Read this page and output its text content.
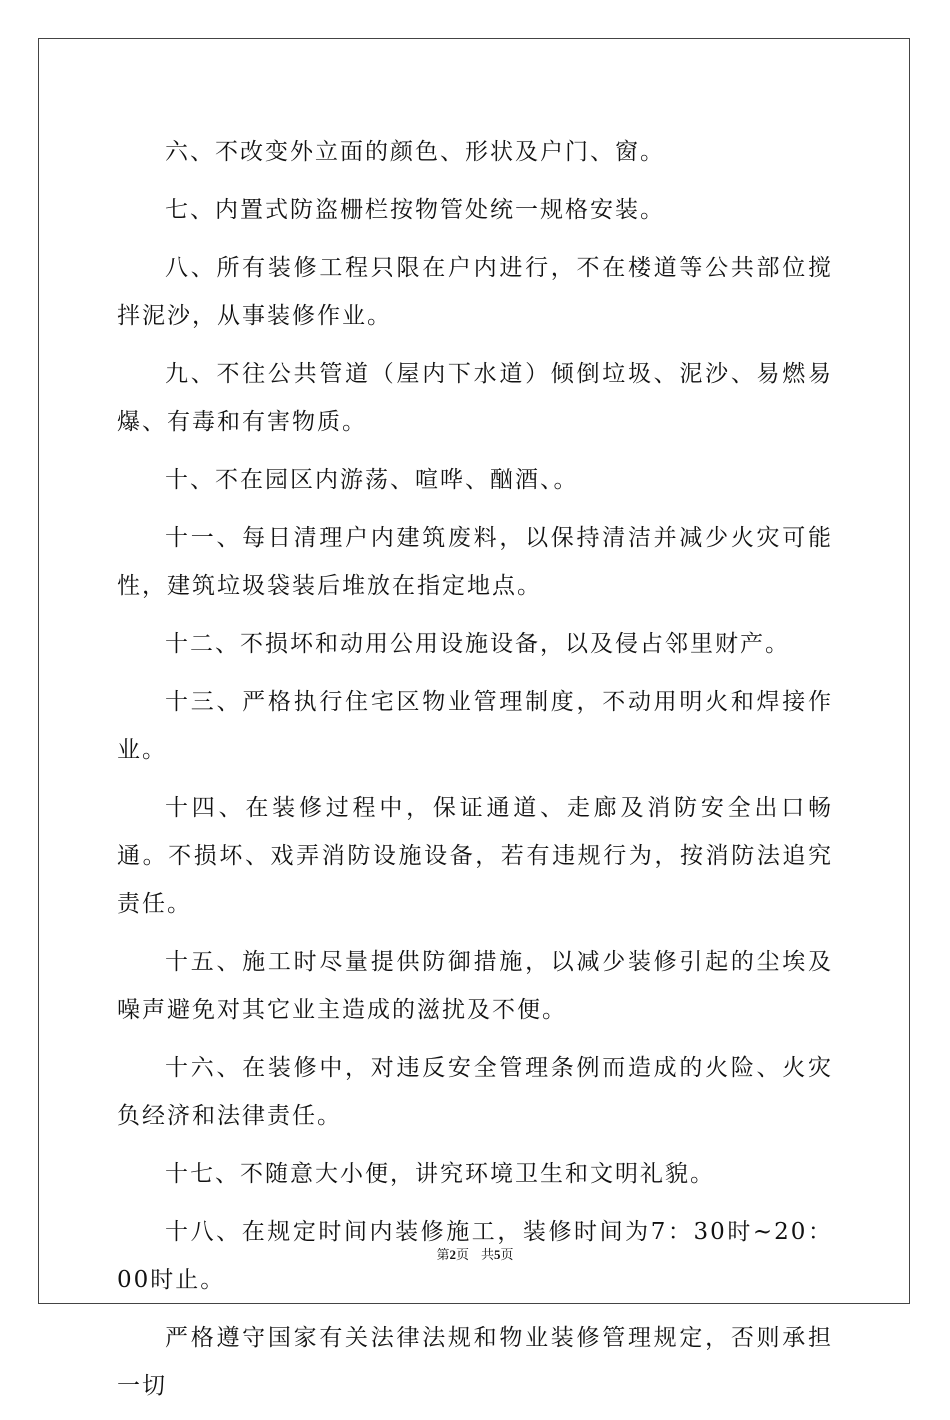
六、不改变外立面的颜色、形状及户门、窗。

七、内置式防盗栅栏按物管处统一规格安装。

八、所有装修工程只限在户内进行，不在楼道等公共部位搅拌泥沙，从事装修作业。

九、不往公共管道（屋内下水道）倾倒垃圾、泥沙、易燃易爆、有毒和有害物质。

十、不在园区内游荡、喧哗、酗酒、。

十一、每日清理户内建筑废料，以保持清洁并减少火灾可能性，建筑垃圾袋装后堆放在指定地点。

十二、不损坏和动用公用设施设备，以及侵占邻里财产。

十三、严格执行住宅区物业管理制度，不动用明火和焊接作业。

十四、在装修过程中，保证通道、走廊及消防安全出口畅通。不损坏、戏弄消防设施设备，若有违规行为，按消防法追究责任。

十五、施工时尽量提供防御措施，以减少装修引起的尘埃及噪声避免对其它业主造成的滋扰及不便。

十六、在装修中，对违反安全管理条例而造成的火险、火灾负经济和法律责任。

十七、不随意大小便，讲究环境卫生和文明礼貌。

十八、在规定时间内装修施工，装修时间为7：30时~20：00时止。

严格遵守国家有关法律法规和物业装修管理规定，否则承担一切

第2页 共5页
